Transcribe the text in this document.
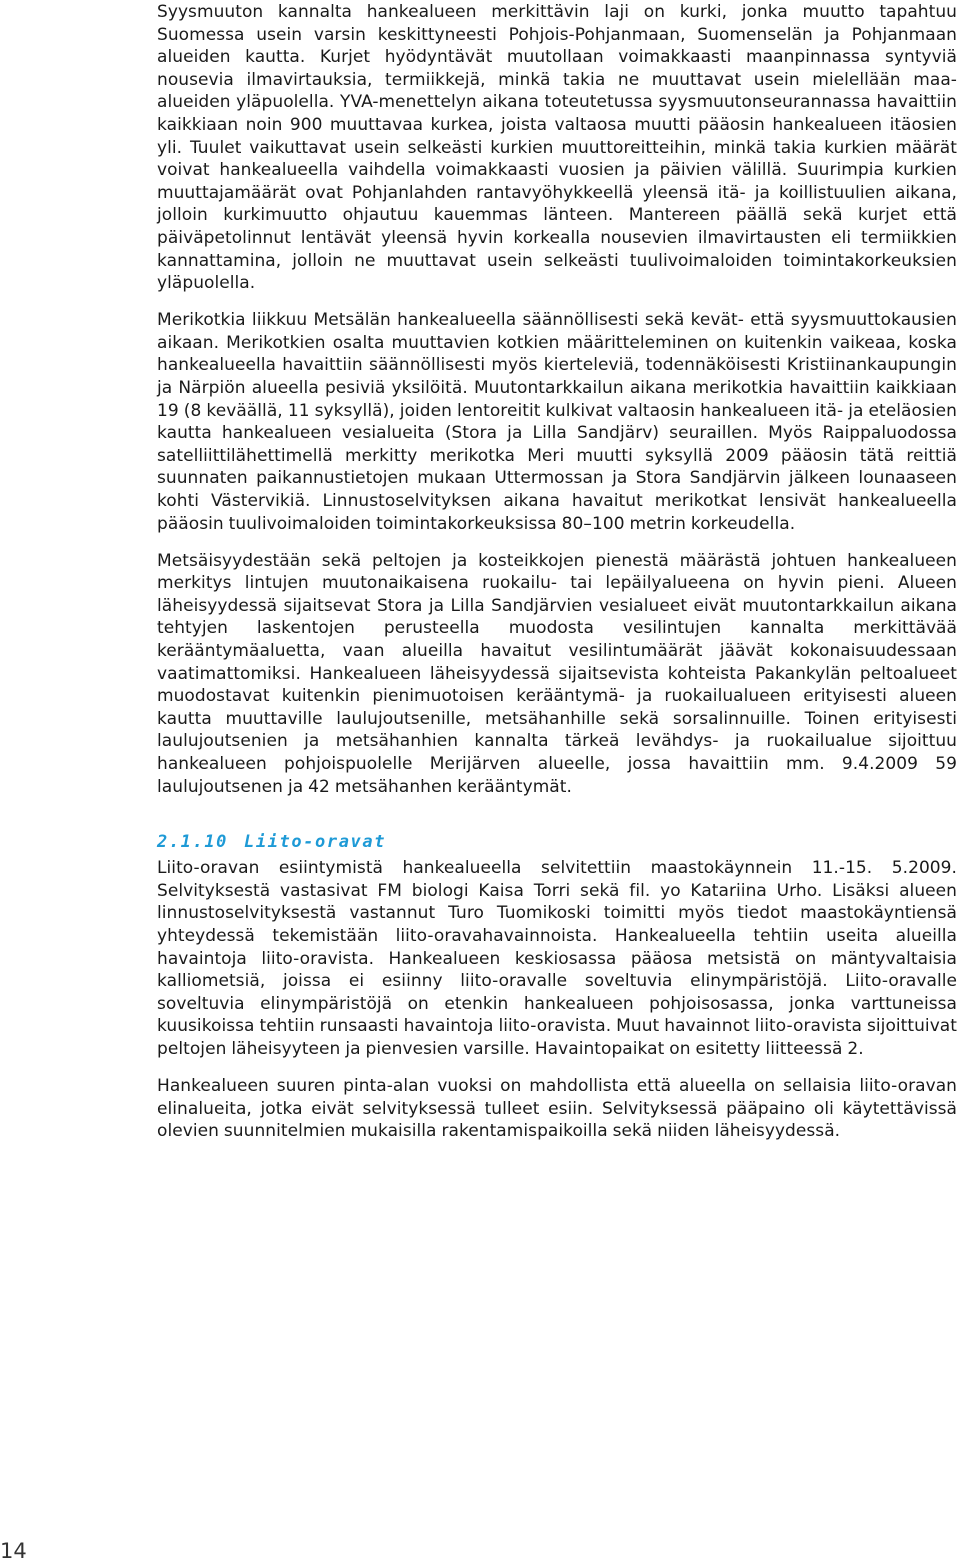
Syysmuuton kannalta hankealueen merkittävin laji on kurki, jonka muutto tapahtuu Suomessa usein varsin keskittyneesti Pohjois-Pohjanmaan, Suomenselän ja Pohjanmaan alueiden kautta. Kurjet hyödyntävät muutollaan voimakkaasti maanpinnassa syntyviä nousevia ilmavirtauksia, termiikkejä, minkä takia ne muuttavat usein mielellään maa-alueiden yläpuolella. YVA-menettelyn aikana toteutetussa syysmuutonseurannassa havaittiin kaikkiaan noin 900 muuttavaa kurkea, joista valtaosa muutti pääosin hankealueen itäosien yli. Tuulet vaikuttavat usein selkeästi kurkien muuttoreitteihin, minkä takia kurkien määrät voivat hankealueella vaihdella voimakkaasti vuosien ja päivien välillä. Suurimpia kurkien muuttajamäärät ovat Pohjanlahden rantavyöhykkeellä yleensä itä- ja koillistuulien aikana, jolloin kurkimuutto ohjautuu kauemmas länteen. Mantereen päällä sekä kurjet että päiväpetolinnut lentävät yleensä hyvin korkealla nousevien ilmavirtausten eli termiikkien kannattamina, jolloin ne muuttavat usein selkeästi tuulivoimaloiden toimintakorkeuksien yläpuolella.

Merikotkia liikkuu Metsälän hankealueella säännöllisesti sekä kevät- että syysmuuttokausien aikaan. Merikotkien osalta muuttavien kotkien määritteleminen on kuitenkin vaikeaa, koska hankealueella havaittiin säännöllisesti myös kierteleviä, todennäköisesti Kristiinankaupungin ja Närpiön alueella pesiviä yksilöitä. Muutontarkkailun aikana merikotkia havaittiin kaikkiaan 19 (8 keväällä, 11 syksyllä), joiden lentoreitit kulkivat valtaosin hankealueen itä- ja eteläosien kautta hankealueen vesialueita (Stora ja Lilla Sandjärv) seuraillen. Myös Raippaluodossa satelliittilähettimellä merkitty merikotka Meri muutti syksyllä 2009 pääosin tätä reittiä suunnaten paikannustietojen mukaan Uttermossan ja Stora Sandjärvin jälkeen lounaaseen kohti Västervikiä. Linnustoselvityksen aikana havaitut merikotkat lensivät hankealueella pääosin tuulivoimaloiden toimintakorkeuksissa 80–100 metrin korkeudella.

Metsäisyydestään sekä peltojen ja kosteikkojen pienestä määrästä johtuen hankealueen merkitys lintujen muutonaikaisena ruokailu- tai lepäilyalueena on hyvin pieni. Alueen läheisyydessä sijaitsevat Stora ja Lilla Sandjärvien vesialueet eivät muutontarkkailun aikana tehtyjen laskentojen perusteella muodosta vesilintujen kannalta merkittävää kerääntymäaluetta, vaan alueilla havaitut vesilintumäärät jäävät kokonaisuudessaan vaatimattomiksi. Hankealueen läheisyydessä sijaitsevista kohteista Pakankylän peltoalueet muodostavat kuitenkin pienimuotoisen kerääntymä- ja ruokailualueen erityisesti alueen kautta muuttaville laulujoutsenille, metsähanhille sekä sorsalinnuille. Toinen erityisesti laulujoutsenien ja metsähanhien kannalta tärkeä levähdys- ja ruokailualue sijoittuu hankealueen pohjoispuolelle Merijärven alueelle, jossa havaittiin mm. 9.4.2009 59 laulujoutsenen ja 42 metsähanhen kerääntymät.

2.1.10 Liito-oravat

Liito-oravan esiintymistä hankealueella selvitettiin maastokäynnein 11.-15. 5.2009. Selvityksestä vastasivat FM biologi Kaisa Torri sekä fil. yo Katariina Urho. Lisäksi alueen linnustoselvityksestä vastannut Turo Tuomikoski toimitti myös tiedot maastokäyntiensä yhteydessä tekemistään liito-oravahavainnoista. Hankealueella tehtiin useita alueilla havaintoja liito-oravista. Hankealueen keskiosassa pääosa metsistä on mäntyvaltaisia kalliometsiä, joissa ei esiinny liito-oravalle soveltuvia elinympäristöjä. Liito-oravalle soveltuvia elinympäristöjä on etenkin hankealueen pohjoisosassa, jonka varttuneissa kuusikoissa tehtiin runsaasti havaintoja liito-oravista. Muut havainnot liito-oravista sijoittuivat peltojen läheisyyteen ja pienvesien varsille. Havaintopaikat on esitetty liitteessä 2.

Hankealueen suuren pinta-alan vuoksi on mahdollista että alueella on sellaisia liito-oravan elinalueita, jotka eivät selvityksessä tulleet esiin. Selvityksessä pääpaino oli käytettävissä olevien suunnitelmien mukaisilla rakentamispaikoilla sekä niiden läheisyydessä.

14
